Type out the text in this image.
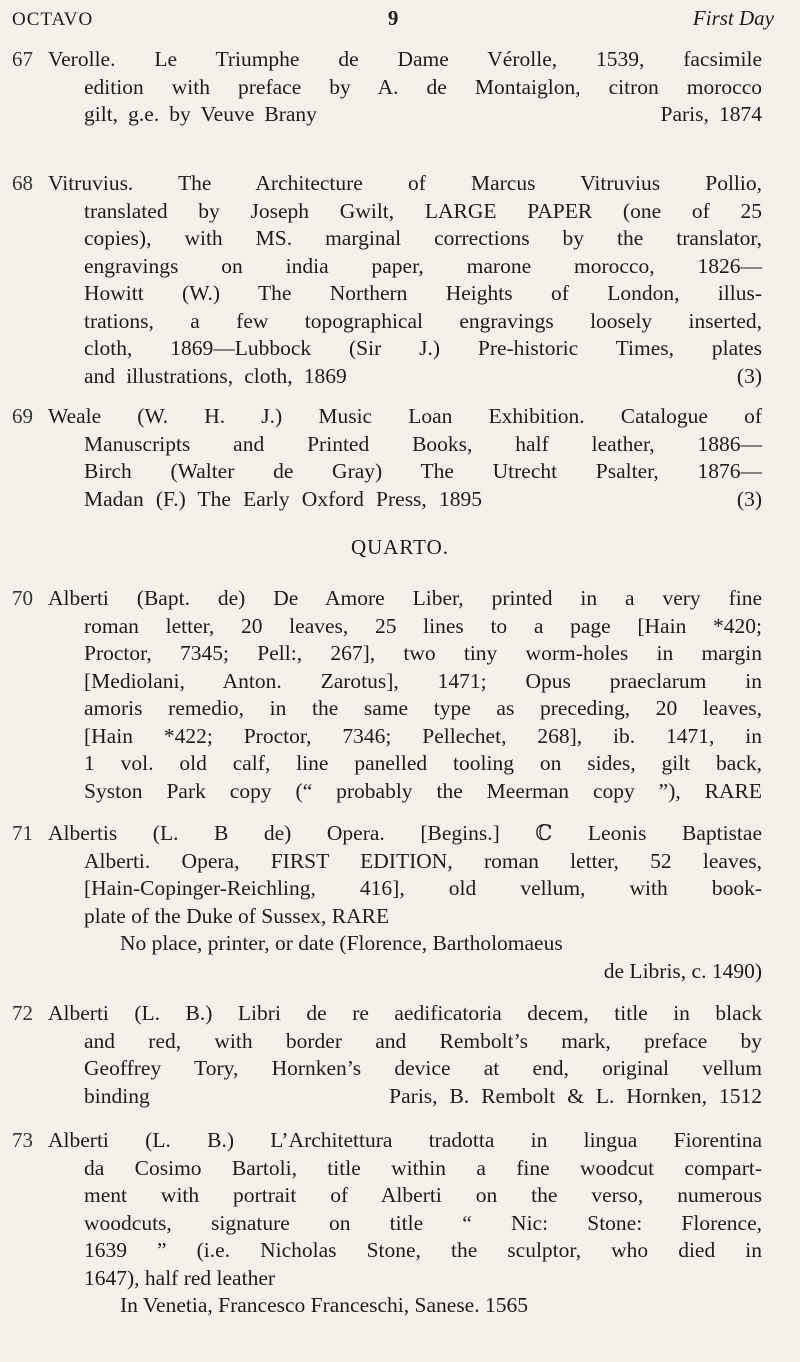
OCTAVO	9	First Day
67 Verolle. Le Triumphe de Dame Vérolle, 1539, facsimile
edition with preface by A. de Montaiglon, citron morocco
gilt, g.e. by Veuve Brany                                  Paris, 1874
68 Vitruvius. The Architecture of Marcus Vitruvius Pollio,
translated by Joseph Gwilt, LARGE PAPER (one of 25
copies), with MS. marginal corrections by the translator,
engravings on india paper, marone morocco, 1826—
Howitt (W.) The Northern Heights of London, illus-
trations, a few topographical engravings loosely inserted,
cloth, 1869—Lubbock (Sir J.) Pre-historic Times, plates
and illustrations, cloth, 1869                                   (3)
69 Weale (W. H. J.) Music Loan Exhibition. Catalogue of
Manuscripts and Printed Books, half leather, 1886—
Birch (Walter de Gray) The Utrecht Psalter, 1876—
Madan (F.) The Early Oxford Press, 1895                     (3)
QUARTO.
70 Alberti (Bapt. de) De Amore Liber, printed in a very fine
roman letter, 20 leaves, 25 lines to a page [Hain *420;
Proctor, 7345; Pell:, 267], two tiny worm-holes in margin
[Mediolani, Anton. Zarotus], 1471; Opus praeclarum in
amoris remedio, in the same type as preceding, 20 leaves,
[Hain *422; Proctor, 7346; Pellechet, 268], ib. 1471, in
1 vol. old calf, line panelled tooling on sides, gilt back,
Syston Park copy (“ probably the Meerman copy ”), RARE
71 Albertis (L. B de) Opera. [Begins.] ℂ Leonis Baptistae
Alberti. Opera, FIRST EDITION, roman letter, 52 leaves,
[Hain-Copinger-Reichling, 416], old vellum, with book-
plate of the Duke of Sussex, RARE
No place, printer, or date (Florence, Bartholomaeus
de Libris, c. 1490)
72 Alberti (L. B.) Libri de re aedificatoria decem, title in black
and red, with border and Rembolt’s mark, preface by
Geoffrey Tory, Hornken’s device at end, original vellum
binding                    Paris, B. Rembolt & L. Hornken, 1512
73 Alberti (L. B.) L’Architettura tradotta in lingua Fiorentina
da Cosimo Bartoli, title within a fine woodcut compart-
ment with portrait of Alberti on the verso, numerous
woodcuts, signature on title “ Nic: Stone: Florence,
1639 ” (i.e. Nicholas Stone, the sculptor, who died in
1647), half red leather
In Venetia, Francesco Franceschi, Sanese. 1565
